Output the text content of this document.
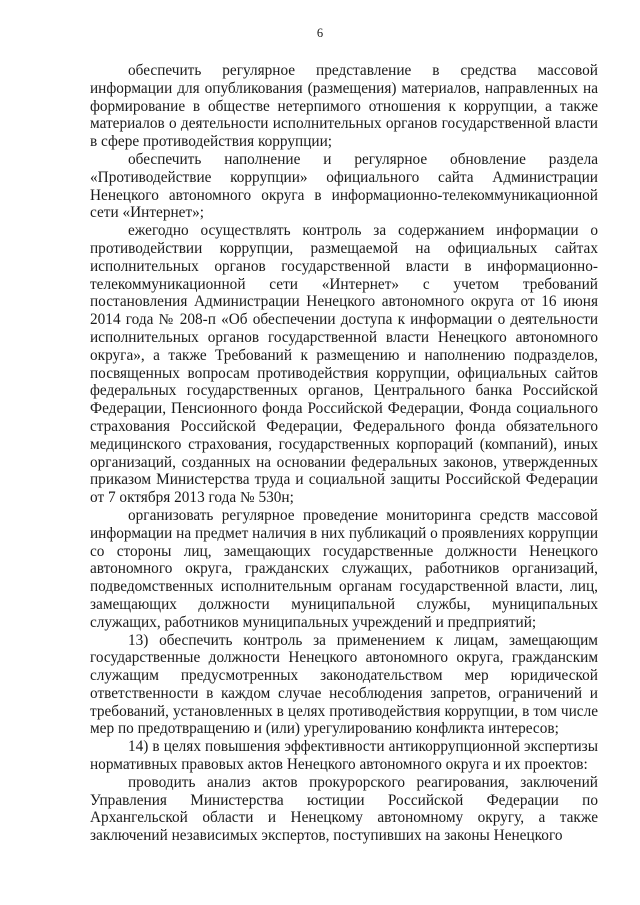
6

обеспечить регулярное представление в средства массовой информации для опубликования (размещения) материалов, направленных на формирование в обществе нетерпимого отношения к коррупции, а также материалов о деятельности исполнительных органов государственной власти в сфере противодействия коррупции;

обеспечить наполнение и регулярное обновление раздела «Противодействие коррупции» официального сайта Администрации Ненецкого автономного округа в информационно-телекоммуникационной сети «Интернет»;

ежегодно осуществлять контроль за содержанием информации о противодействии коррупции, размещаемой на официальных сайтах исполнительных органов государственной власти в информационно-телекоммуникационной сети «Интернет» с учетом требований постановления Администрации Ненецкого автономного округа от 16 июня 2014 года № 208-п «Об обеспечении доступа к информации о деятельности исполнительных органов государственной власти Ненецкого автономного округа», а также Требований к размещению и наполнению подразделов, посвященных вопросам противодействия коррупции, официальных сайтов федеральных государственных органов, Центрального банка Российской Федерации, Пенсионного фонда Российской Федерации, Фонда социального страхования Российской Федерации, Федерального фонда обязательного медицинского страхования, государственных корпораций (компаний), иных организаций, созданных на основании федеральных законов, утвержденных приказом Министерства труда и социальной защиты Российской Федерации от 7 октября 2013 года № 530н;

организовать регулярное проведение мониторинга средств массовой информации на предмет наличия в них публикаций о проявлениях коррупции со стороны лиц, замещающих государственные должности Ненецкого автономного округа, гражданских служащих, работников организаций, подведомственных исполнительным органам государственной власти, лиц, замещающих должности муниципальной службы, муниципальных служащих, работников муниципальных учреждений и предприятий;

13) обеспечить контроль за применением к лицам, замещающим государственные должности Ненецкого автономного округа, гражданским служащим предусмотренных законодательством мер юридической ответственности в каждом случае несоблюдения запретов, ограничений и требований, установленных в целях противодействия коррупции, в том числе мер по предотвращению и (или) урегулированию конфликта интересов;

14) в целях повышения эффективности антикоррупционной экспертизы нормативных правовых актов Ненецкого автономного округа и их проектов:

проводить анализ актов прокурорского реагирования, заключений Управления Министерства юстиции Российской Федерации по Архангельской области и Ненецкому автономному округу, а также заключений независимых экспертов, поступивших на законы Ненецкого
